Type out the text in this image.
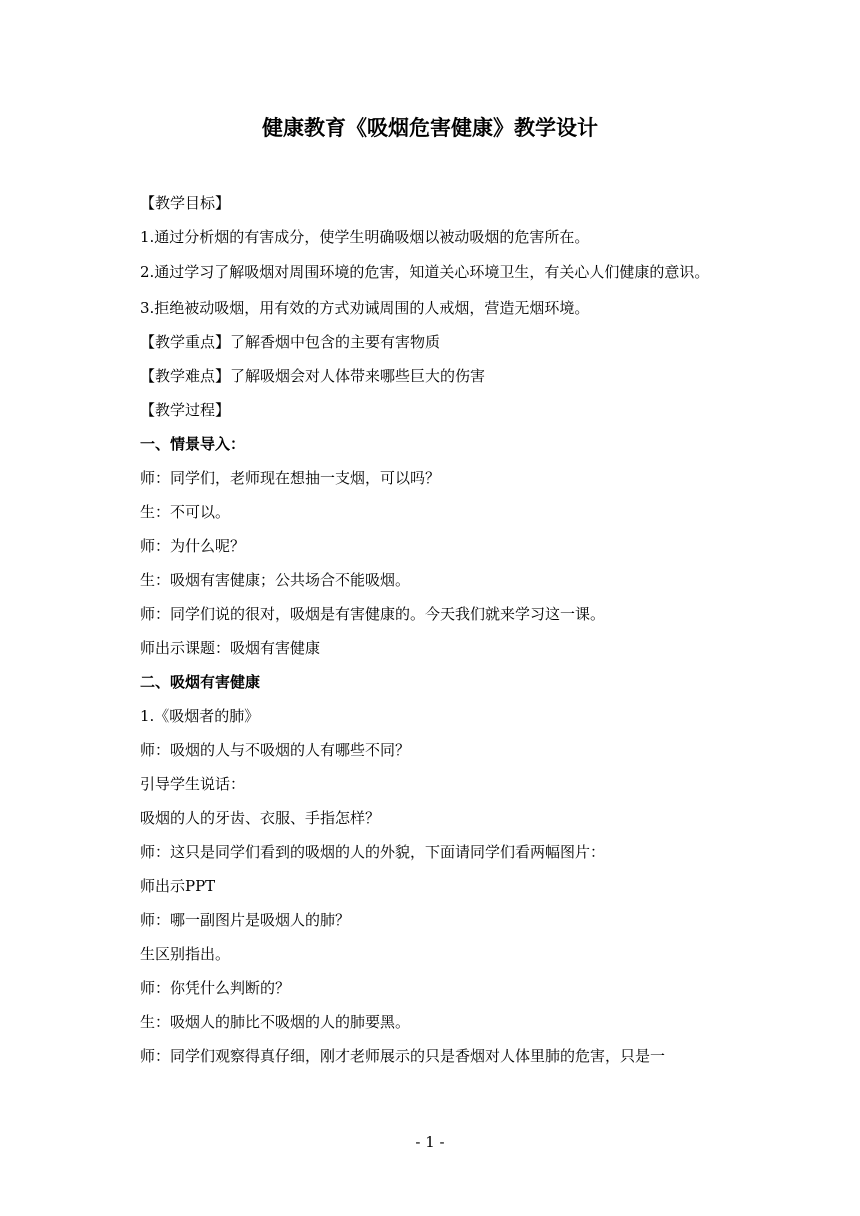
健康教育《吸烟危害健康》教学设计

【教学目标】

1.通过分析烟的有害成分，使学生明确吸烟以被动吸烟的危害所在。

2.通过学习了解吸烟对周围环境的危害，知道关心环境卫生，有关心人们健康的意识。

3.拒绝被动吸烟，用有效的方式劝诫周围的人戒烟，营造无烟环境。

【教学重点】了解香烟中包含的主要有害物质

【教学难点】了解吸烟会对人体带来哪些巨大的伤害

【教学过程】

一、情景导入：

师：同学们，老师现在想抽一支烟，可以吗？

生：不可以。

师：为什么呢？

生：吸烟有害健康；公共场合不能吸烟。

师：同学们说的很对，吸烟是有害健康的。今天我们就来学习这一课。

师出示课题：吸烟有害健康

二、吸烟有害健康

1.《吸烟者的肺》

师：吸烟的人与不吸烟的人有哪些不同？

引导学生说话：

吸烟的人的牙齿、衣服、手指怎样？

师：这只是同学们看到的吸烟的人的外貌，下面请同学们看两幅图片：

师出示PPT

师：哪一副图片是吸烟人的肺？

生区别指出。

师：你凭什么判断的？

生：吸烟人的肺比不吸烟的人的肺要黑。

师：同学们观察得真仔细，刚才老师展示的只是香烟对人体里肺的危害，只是一

- 1 -
